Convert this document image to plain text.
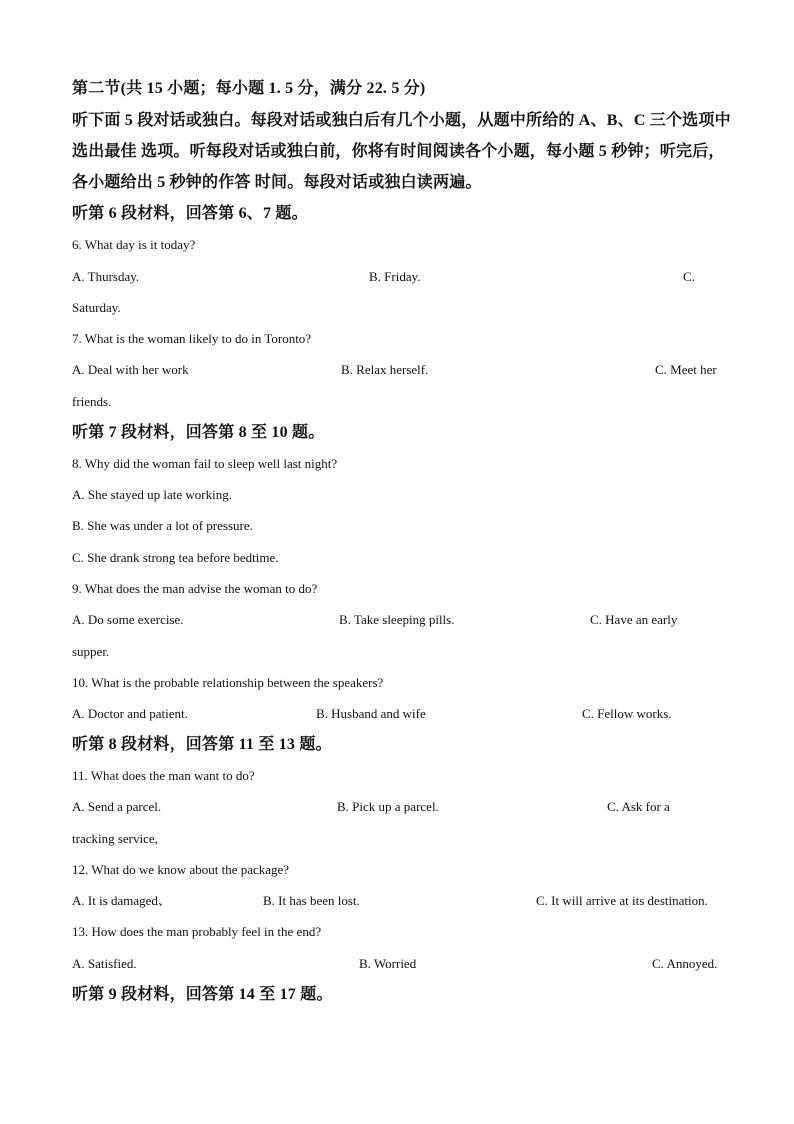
第二节(共 15 小题；每小题 1. 5 分，满分 22. 5 分)
听下面 5 段对话或独白。每段对话或独白后有几个小题，从题中所给的 A、B、C 三个选项中
选出最佳 选项。听每段对话或独白前，你将有时间阅读各个小题，每小题 5 秒钟；听完后，
各小题给出 5 秒钟的作答 时间。每段对话或独白读两遍。
听第 6 段材料，回答第 6、7 题。
6. What day is it today?
A. Thursday.	B. Friday.	C.
Saturday.
7. What is the woman likely to do in Toronto?
A. Deal with her work	B. Relax herself.	C. Meet her
friends.
听第 7 段材料，回答第 8 至 10 题。
8. Why did the woman fail to sleep well last night?
A. She stayed up late working.
B. She was under a lot of pressure.
C. She drank strong tea before bedtime.
9. What does the man advise the woman to do?
A. Do some exercise.	B. Take sleeping pills.	C. Have an early
supper.
10. What is the probable relationship between the speakers?
A. Doctor and patient.	B. Husband and wife	C. Fellow works.
听第 8 段材料，回答第 11 至 13 题。
11. What does the man want to do?
A. Send a parcel.	B. Pick up a parcel.	C. Ask for a
tracking service,
12. What do we know about the package?
A. It is damaged、	B. It has been lost.	C. It will arrive at its destination.
13. How does the man probably feel in the end?
A. Satisfied.	B. Worried	C. Annoyed.
听第 9 段材料，回答第 14 至 17 题。
